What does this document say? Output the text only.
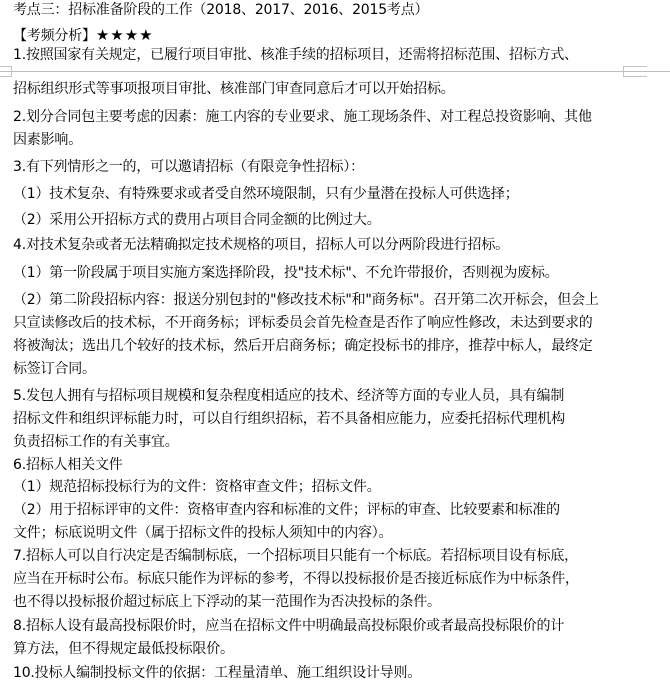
考点三：招标准备阶段的工作（2018、2017、2016、2015考点）
【考频分析】★★★★
1.按照国家有关规定，已履行项目审批、核准手续的招标项目，还需将招标范围、招标方式、
招标组织形式等事项报项目审批、核准部门审查同意后才可以开始招标。
2.划分合同包主要考虑的因素：施工内容的专业要求、施工现场条件、对工程总投资影响、其他
因素影响。
3.有下列情形之一的，可以邀请招标（有限竞争性招标）：
（1）技术复杂、有特殊要求或者受自然环境限制，只有少量潜在投标人可供选择；
（2）采用公开招标方式的费用占项目合同金额的比例过大。
4.对技术复杂或者无法精确拟定技术规格的项目，招标人可以分两阶段进行招标。
（1）第一阶段属于项目实施方案选择阶段，投"技术标"、不允许带报价，否则视为废标。
（2）第二阶段招标内容：报送分别包封的"修改技术标"和"商务标"。召开第二次开标会，但会上
只宣读修改后的技术标，不开商务标；评标委员会首先检查是否作了响应性修改，未达到要求的
将被淘汰；选出几个较好的技术标，然后开启商务标；确定投标书的排序，推荐中标人，最终定
标签订合同。
5.发包人拥有与招标项目规模和复杂程度相适应的技术、经济等方面的专业人员，具有编制
招标文件和组织评标能力时，可以自行组织招标，若不具备相应能力，应委托招标代理机构
负责招标工作的有关事宜。
6.招标人相关文件
（1）规范招标投标行为的文件：资格审查文件；招标文件。
（2）用于招标评审的文件：资格审查内容和标准的文件；评标的审查、比较要素和标准的
文件；标底说明文件（属于招标文件的投标人须知中的内容）。
7.招标人可以自行决定是否编制标底，一个招标项目只能有一个标底。若招标项目设有标底，
应当在开标时公布。标底只能作为评标的参考，不得以投标报价是否接近标底作为中标条件，
也不得以投标报价超过标底上下浮动的某一范围作为否决投标的条件。
8.招标人设有最高投标限价时，应当在招标文件中明确最高投标限价或者最高投标限价的计
算方法，但不得规定最低投标限价。
10.投标人编制投标文件的依据：工程量清单、施工组织设计导则。
